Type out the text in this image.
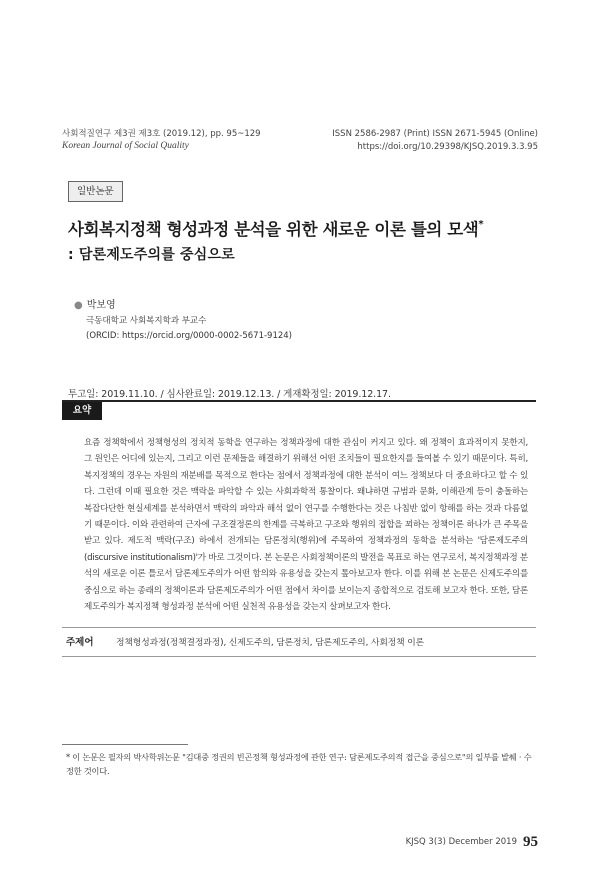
사회적질연구 제3권 제3호 (2019.12), pp. 95~129
Korean Journal of Social Quality
ISSN 2586-2987 (Print) ISSN 2671-5945 (Online)
https://doi.org/10.29398/KJSQ.2019.3.3.95
일반논문
사회복지정책 형성과정 분석을 위한 새로운 이론 틀의 모색*
: 담론제도주의를 중심으로
● 박보영
극동대학교 사회복지학과 부교수
(ORCID: https://orcid.org/0000-0002-5671-9124)
투고일: 2019.11.10. / 심사완료일: 2019.12.13. / 게재확정일: 2019.12.17.
요약
요즘 정책학에서 정책형성의 정치적 동학을 연구하는 정책과정에 대한 관심이 커지고 있다. 왜 정책이 효과적이지 못한지, 그 원인은 어디에 있는지, 그리고 이런 문제들을 해결하기 위해선 어떤 조치들이 필요한지를 들여볼 수 있기 때문이다. 특히, 복지정책의 경우는 자원의 재분배를 목적으로 한다는 점에서 정책과정에 대한 분석이 여느 정책보다 더 중요하다고 할 수 있다. 그런데 이때 필요한 것은 맥락을 파악할 수 있는 사회과학적 통찰이다. 왜냐하면 규범과 문화, 이해관계 등이 충돌하는 복잡다단한 현실세계를 분석하면서 맥락의 파악과 해석 없이 연구를 수행한다는 것은 나침반 없이 항해를 하는 것과 다름없기 때문이다. 이와 관련하여 근자에 구조결정론의 한계를 극복하고 구조와 행위의 접합을 꾀하는 정책이론 하나가 큰 주목을 받고 있다. 제도적 맥락(구조) 하에서 전개되는 담론정치(행위)에 주목하여 정책과정의 동학을 분석하는 '담론제도주의(discursive institutionalism)'가 바로 그것이다. 본 논문은 사회정책이론의 발전을 목표로 하는 연구로서, 복지정책과정 분석의 새로운 이론 틀로서 담론제도주의가 어떤 함의와 유용성을 갖는지 톺아보고자 한다. 이를 위해 본 논문은 신제도주의를 중심으로 하는 종래의 정책이론과 담론제도주의가 어떤 점에서 차이를 보이는지 종합적으로 검토해 보고자 한다. 또한, 담론제도주의가 복지정책 형성과정 분석에 어떤 실천적 유용성을 갖는지 살펴보고자 한다.
주제어	정책형성과정(정책결정과정), 신제도주의, 담론정치, 담론제도주의, 사회정책 이론
* 이 논문은 필자의 박사학위논문 "김대중 정권의 빈곤정책 형성과정에 관한 연구: 담론제도주의적 접근을 중심으로"의 일부를 발췌 · 수정한 것이다.
KJSQ 3(3) December 2019 95
